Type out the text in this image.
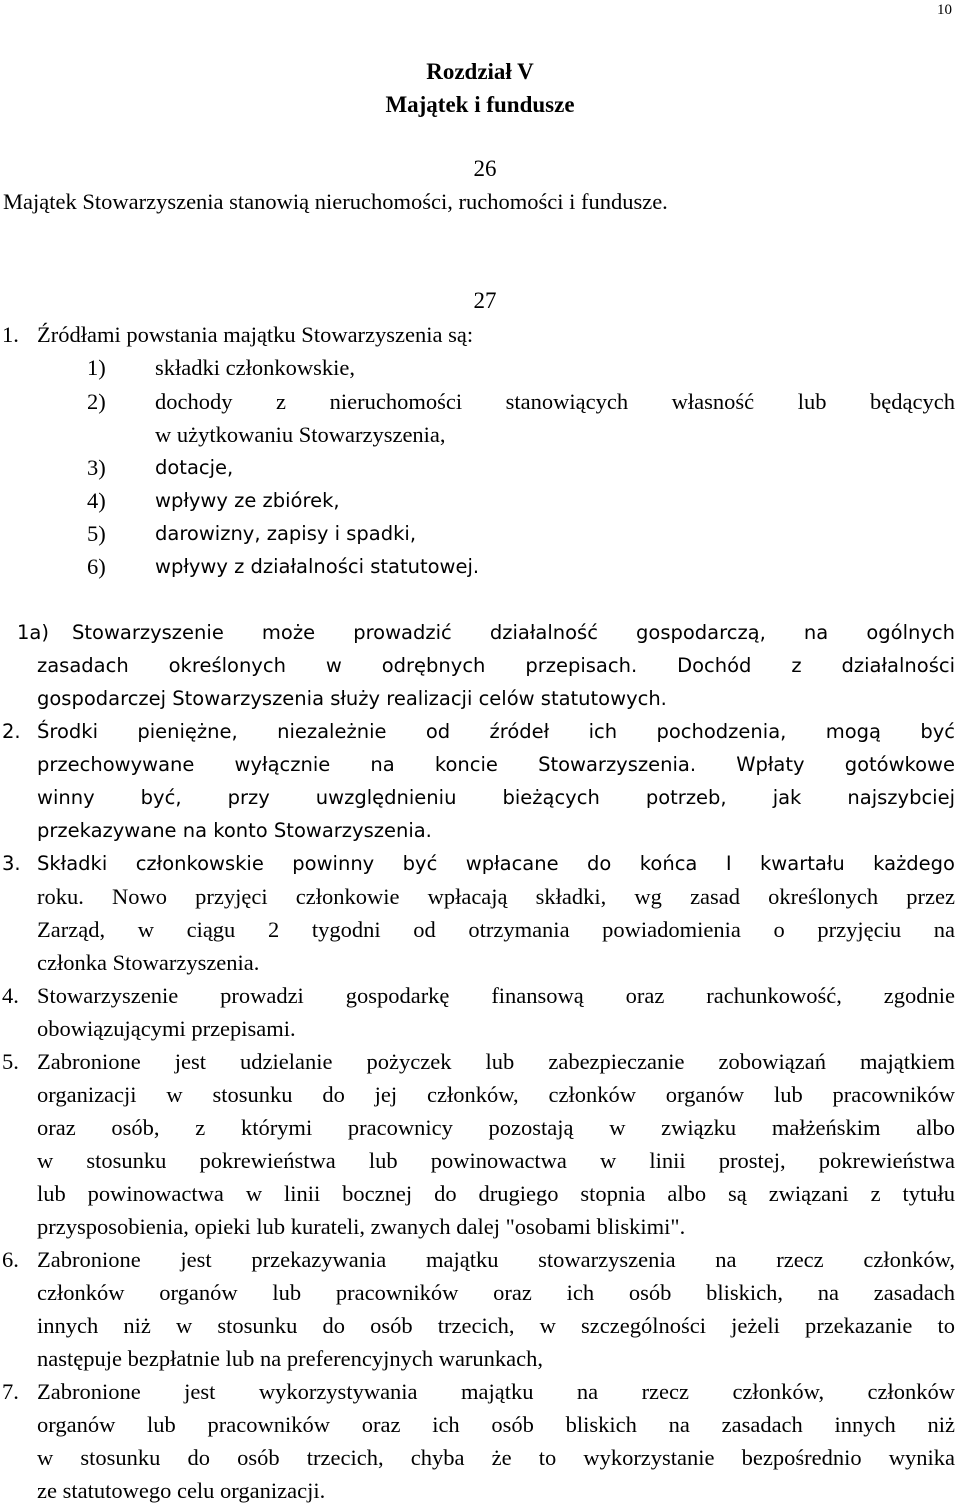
10
Rozdział V
Majątek i fundusze
26
Majątek Stowarzyszenia stanowią nieruchomości, ruchomości i fundusze.
27
1. Źródłami powstania majątku Stowarzyszenia są:
1) składki członkowskie,
2) dochody z nieruchomości stanowiących własność lub będących
w użytkowaniu Stowarzyszenia,
3)	dotacje,
4)	wpływy ze zbiórek,
5)	darowizny, zapisy i spadki,
6)	wpływy z działalności statutowej.
1a) Stowarzyszenie może prowadzić działalność gospodarczą, na ogólnych
zasadach określonych w odrębnych przepisach. Dochód z działalności
gospodarczej Stowarzyszenia służy realizacji celów statutowych.
2. Środki pieniężne, niezależnie od źródeł ich pochodzenia, mogą być
przechowywane wyłącznie na koncie Stowarzyszenia. Wpłaty gotówkowe
winny być, przy uwzględnieniu bieżących potrzeb, jak najszybciej
przekazywane na konto Stowarzyszenia.
3. Składki członkowskie powinny być wpłacane do końca I kwartału każdego
roku. Nowo przyjęci członkowie wpłacają składki, wg zasad określonych przez
Zarząd, w ciągu 2 tygodni od otrzymania powiadomienia o przyjęciu na
członka Stowarzyszenia.
4. Stowarzyszenie prowadzi gospodarkę finansową oraz rachunkowość, zgodnie
obowiązującymi przepisami.
5. Zabronione jest udzielanie pożyczek lub zabezpieczanie zobowiązań majątkiem
organizacji w stosunku do jej członków, członków organów lub pracowników
oraz osób, z którymi pracownicy pozostają w związku małżeńskim albo
w stosunku pokrewieństwa lub powinowactwa w linii prostej, pokrewieństwa
lub powinowactwa w linii bocznej do drugiego stopnia albo są związani z tytułu
przysposobienia, opieki lub kurateli, zwanych dalej "osobami bliskimi".
6. Zabronione jest przekazywania majątku stowarzyszenia na rzecz członków,
członków organów lub pracowników oraz ich osób bliskich, na zasadach
innych niż w stosunku do osób trzecich, w szczególności jeżeli przekazanie to
następuje bezpłatnie lub na preferencyjnych warunkach,
7. Zabronione jest wykorzystywania majątku na rzecz członków, członków
organów lub pracowników oraz ich osób bliskich na zasadach innych niż
w stosunku do osób trzecich, chyba że to wykorzystanie bezpośrednio wynika
ze statutowego celu organizacji.
